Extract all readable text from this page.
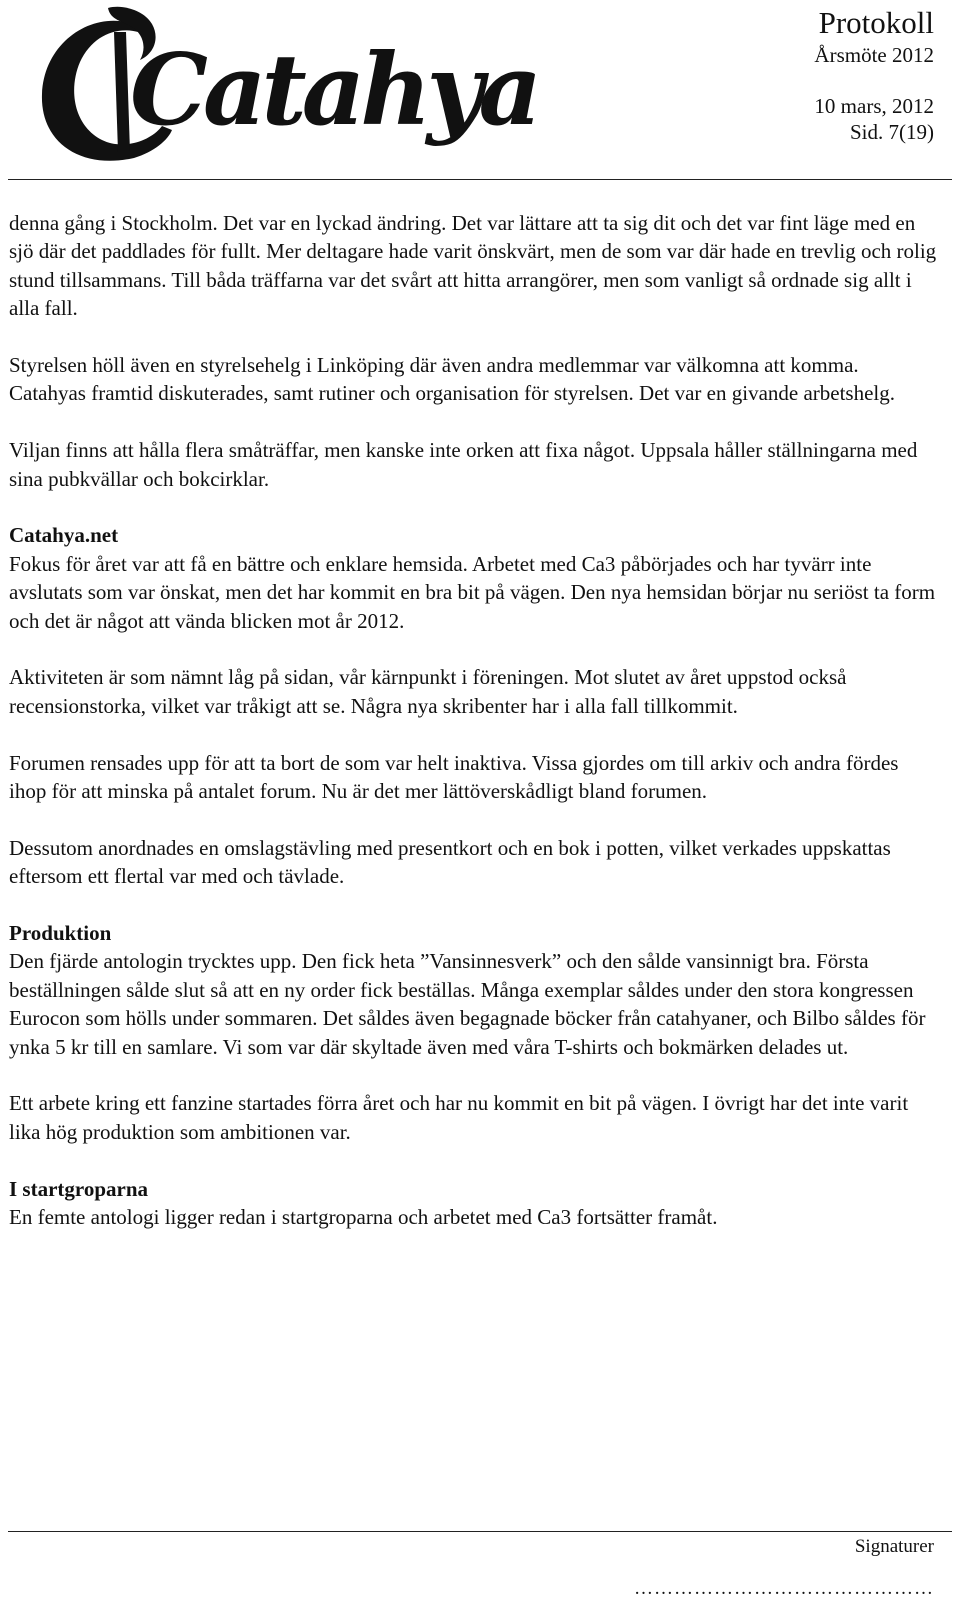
Catahya
Protokoll
Årsmöte 2012
10 mars, 2012
Sid. 7(19)

denna gång i Stockholm. Det var en lyckad ändring. Det var lättare att ta sig dit och det var fint läge med en sjö där det paddlades för fullt. Mer deltagare hade varit önskvärt, men de som var där hade en trevlig och rolig stund tillsammans. Till båda träffarna var det svårt att hitta arrangörer, men som vanligt så ordnade sig allt i alla fall.

Styrelsen höll även en styrelsehelg i Linköping där även andra medlemmar var välkomna att komma. Catahyas framtid diskuterades, samt rutiner och organisation för styrelsen. Det var en givande arbetshelg.

Viljan finns att hålla flera småträffar, men kanske inte orken att fixa något. Uppsala håller ställningarna med sina pubkvällar och bokcirklar.

Catahya.net

Fokus för året var att få en bättre och enklare hemsida. Arbetet med Ca3 påbörjades och har tyvärr inte avslutats som var önskat, men det har kommit en bra bit på vägen. Den nya hemsidan börjar nu seriöst ta form och det är något att vända blicken mot år 2012.

Aktiviteten är som nämnt låg på sidan, vår kärnpunkt i föreningen. Mot slutet av året uppstod också recensionstorka, vilket var tråkigt att se. Några nya skribenter har i alla fall tillkommit.

Forumen rensades upp för att ta bort de som var helt inaktiva. Vissa gjordes om till arkiv och andra fördes ihop för att minska på antalet forum. Nu är det mer lättöverskådligt bland forumen.

Dessutom anordnades en omslagstävling med presentkort och en bok i potten, vilket verkades uppskattas eftersom ett flertal var med och tävlade.

Produktion

Den fjärde antologin trycktes upp. Den fick heta ”Vansinnesverk” och den sålde vansinnigt bra. Första beställningen sålde slut så att en ny order fick beställas. Många exemplar såldes under den stora kongressen Eurocon som hölls under sommaren. Det såldes även begagnade böcker från catahyaner, och Bilbo såldes för ynka 5 kr till en samlare. Vi som var där skyltade även med våra T-shirts och bokmärken delades ut.

Ett arbete kring ett fanzine startades förra året och har nu kommit en bit på vägen. I övrigt har det inte varit lika hög produktion som ambitionen var.

I startgroparna

En femte antologi ligger redan i startgroparna och arbetet med Ca3 fortsätter framåt.

Signaturer
………………………………………
